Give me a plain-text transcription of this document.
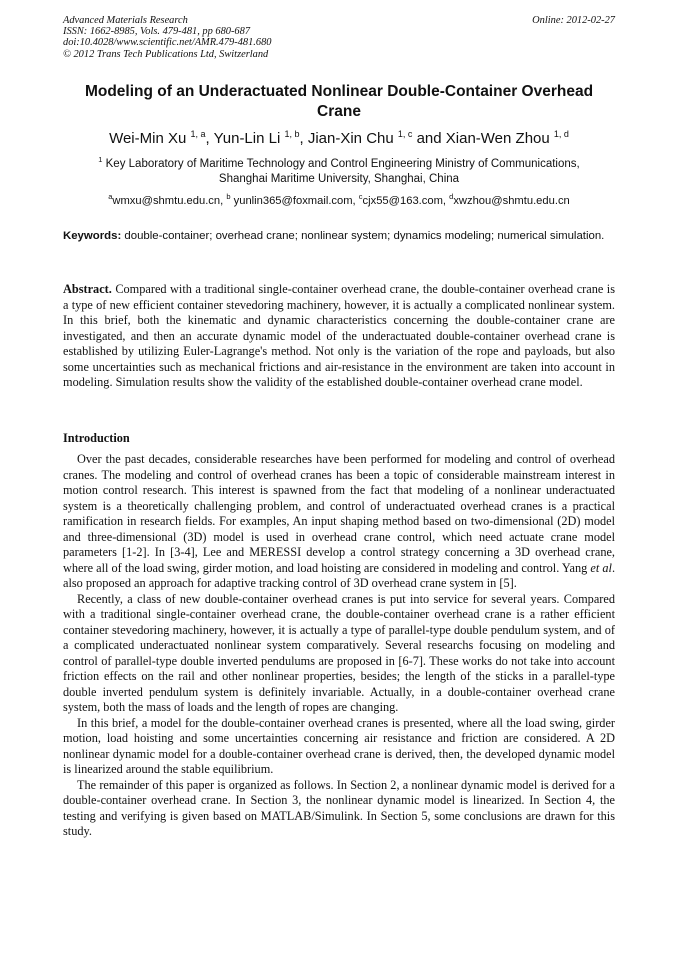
Advanced Materials Research
ISSN: 1662-8985, Vols. 479-481, pp 680-687
doi:10.4028/www.scientific.net/AMR.479-481.680
© 2012 Trans Tech Publications Ltd, Switzerland
Online: 2012-02-27
Modeling of an Underactuated Nonlinear Double-Container Overhead Crane
Wei-Min Xu $^{1, a}$, Yun-Lin Li $^{1, b}$, Jian-Xin Chu $^{1, c}$ and Xian-Wen Zhou $^{1, d}$
$^1$ Key Laboratory of Maritime Technology and Control Engineering Ministry of Communications,
Shanghai Maritime University, Shanghai, China
$^a$wmxu@shmtu.edu.cn, $^b$ yunlin365@foxmail.com, $^c$cjx55@163.com, $^d$xwzhou@shmtu.edu.cn
Keywords: double-container; overhead crane; nonlinear system; dynamics modeling; numerical simulation.
Abstract. Compared with a traditional single-container overhead crane, the double-container overhead crane is a type of new efficient container stevedoring machinery, however, it is actually a complicated nonlinear system. In this brief, both the kinematic and dynamic characteristics concerning the double-container crane are investigated, and then an accurate dynamic model of the underactuated double-container overhead crane is established by utilizing Euler-Lagrange's method. Not only is the variation of the rope and payloads, but also some uncertainties such as mechanical frictions and air-resistance in the environment are taken into account in modeling. Simulation results show the validity of the established double-container overhead crane model.
Introduction

Over the past decades, considerable researches have been performed for modeling and control of overhead cranes. The modeling and control of overhead cranes has been a topic of considerable mainstream interest in motion control research. This interest is spawned from the fact that modeling of a nonlinear underactuated system is a theoretically challenging problem, and control of underactuated overhead cranes is a practical ramification in research fields. For examples, An input shaping method based on two-dimensional (2D) model and three-dimensional (3D) model is used in overhead crane control, which need actuate crane model parameters [1-2]. In [3-4], Lee and MERESSI develop a control strategy concerning a 3D overhead crane, where all of the load swing, girder motion, and load hoisting are considered in modeling and control. Yang et al. also proposed an approach for adaptive tracking control of 3D overhead crane system in [5].

Recently, a class of new double-container overhead cranes is put into service for several years. Compared with a traditional single-container overhead crane, the double-container overhead crane is a rather efficient container stevedoring machinery, however, it is actually a type of parallel-type double pendulum system, and of a complicated underactuated nonlinear system comparatively. Several researchs focusing on modeling and control of parallel-type double inverted pendulums are proposed in [6-7]. These works do not take into account friction effects on the rail and other nonlinear properties, besides; the length of the sticks in a parallel-type double inverted pendulum system is definitely invariable. Actually, in a double-container overhead crane system, both the mass of loads and the length of ropes are changing.

In this brief, a model for the double-container overhead cranes is presented, where all the load swing, girder motion, load hoisting and some uncertainties concerning air resistance and friction are considered. A 2D nonlinear dynamic model for a double-container overhead crane is derived, then, the developed dynamic model is linearized around the stable equilibrium.

The remainder of this paper is organized as follows. In Section 2, a nonlinear dynamic model is derived for a double-container overhead crane. In Section 3, the nonlinear dynamic model is linearized. In Section 4, the testing and verifying is given based on MATLAB/Simulink. In Section 5, some conclusions are drawn for this study.
